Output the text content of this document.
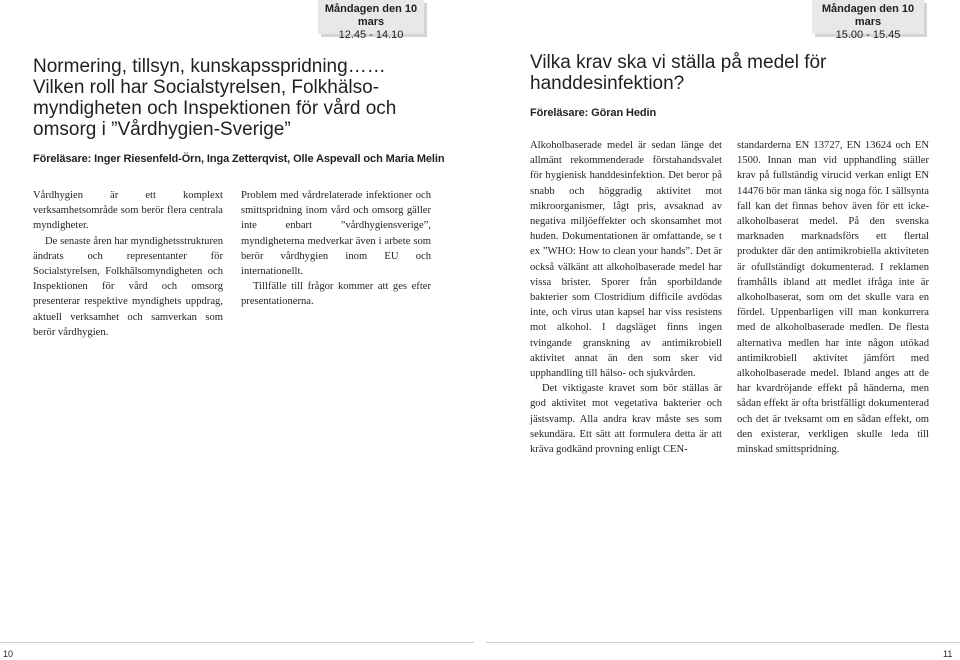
Måndagen den 10 mars
12.45 - 14.10
Normering, tillsyn, kunskapsspridning……
Vilken roll har Socialstyrelsen, Folkhälso-
myndigheten och Inspektionen för vård och
omsorg i ”Vårdhygien-Sverige”
Föreläsare: Inger Riesenfeld-Örn, Inga Zetterqvist, Olle Aspevall och Maria Melin

Vårdhygien är ett komplext verksamhetsområde som berör flera centrala myndigheter.

De senaste åren har myndighetsstrukturen ändrats och representanter för Socialstyrelsen, Folkhälsomyndigheten och Inspektionen för vård och omsorg presenterar respektive myndighets uppdrag, aktuell verksamhet och samverkan som berör vårdhygien.

Problem med vårdrelaterade infektioner och smittspridning inom vård och omsorg gäller inte enbart ”vårdhygiensverige”, myndigheterna medverkar även i arbete som berör vårdhygien inom EU och internationellt.

Tillfälle till frågor kommer att ges efter presentationerna.

10
Måndagen den 10 mars
15.00 - 15.45
Vilka krav ska vi ställa på medel för
handdesinfektion?
Föreläsare: Göran Hedin

Alkoholbaserade medel är sedan länge det allmänt rekommenderade förstahandsvalet för hygienisk handdesinfektion. Det beror på snabb och höggradig aktivitet mot mikroorganismer, lågt pris, avsaknad av negativa miljöeffekter och skonsamhet mot huden. Dokumentationen är omfattande, se t ex ”WHO: How to clean your hands”. Det är också välkänt att alkoholbaserade medel har vissa brister. Sporer från sporbildande bakterier som Clostridium difficile avdödas inte, och virus utan kapsel har viss resistens mot alkohol. I dagsläget finns ingen tvingande granskning av antimikrobiell aktivitet annat än den som sker vid upphandling till hälso- och sjukvården.

Det viktigaste kravet som bör ställas är god aktivitet mot vegetativa bakterier och jästsvamp. Alla andra krav måste ses som sekundära. Ett sätt att formulera detta är att kräva godkänd provning enligt CEN-

standarderna EN 13727, EN 13624 och EN 1500. Innan man vid upphandling ställer krav på fullständig virucid verkan enligt EN 14476 bör man tänka sig noga för. I sällsynta fall kan det finnas behov även för ett icke-alkoholbaserat medel. På den svenska marknaden marknadsförs ett flertal produkter där den antimikrobiella aktiviteten är ofullständigt dokumenterad. I reklamen framhålls ibland att medlet ifråga inte är alkoholbaserat, som om det skulle vara en fördel. Uppenbarligen vill man konkurrera med de alkoholbaserade medlen. De flesta alternativa medlen har inte någon utökad antimikrobiell aktivitet jämfört med alkoholbaserade medel. Ibland anges att de har kvardröjande effekt på händerna, men sådan effekt är ofta bristfälligt dokumenterad och det är tveksamt om en sådan effekt, om den existerar, verkligen skulle leda till minskad smittspridning.

11
